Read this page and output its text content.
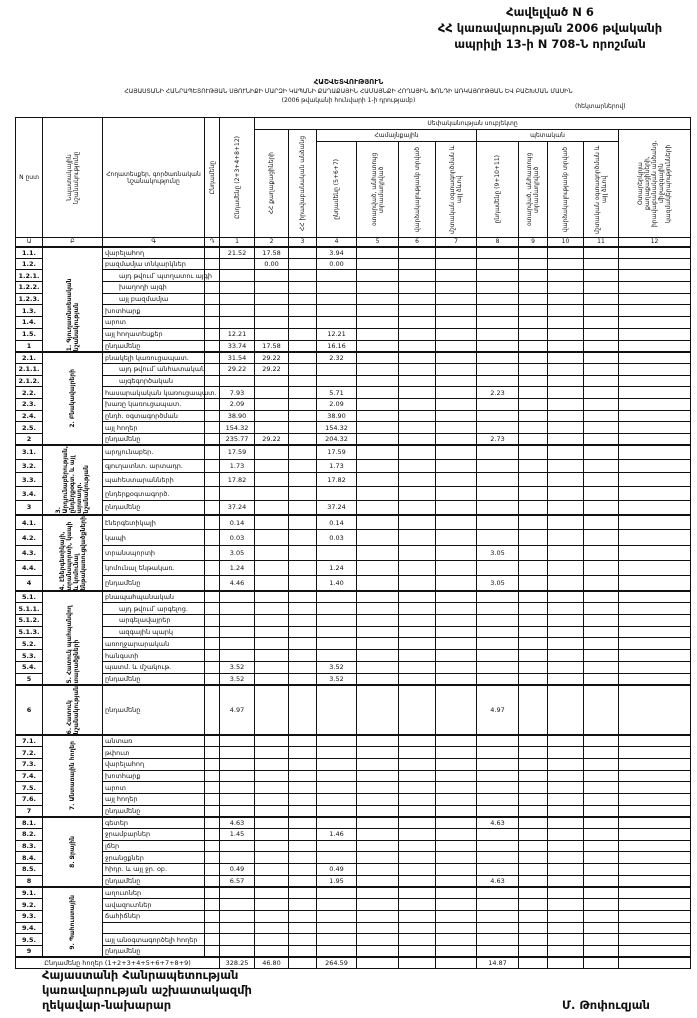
Հավելված N 6
ՀՀ կառավարության 2006 թվականի
ապրիլի 13-ի N 708-Ն որոշման
ՀԱՇՎԵՏՎՈՒԹՅՈՒՆ
ՀԱՅԱՍՏԱՆԻ ՀԱՆՐԱՊԵՏՈՒԹՅԱՆ ՍՅՈՒՆԻՔԻ ՄԱՐԶԻ ԿԱՊԱՆԻ ՔԱՂԱՔԱՅԻՆ ՀԱՄԱՅՆՔԻ ՀՈՂԱՅԻՆ ՖՈՆԴԻ ԱՌԿԱՅՈՒԹՅԱՆ ԵՎ ԲԱՇԽՄԱՆ ՄԱՍԻՆ
(2006 թվականի հունվարի 1-ի դրությամբ)
(հեկտարներով)
N ըստ	Նպատակային նշանակությունը	Հողատեսքեր, գործառնական նշանակությունը	Ընդամենը	Ընդամենը (2+3+4+8+12)	Սեփականության սուբյեկտը										

					ՀՀ քաղաքացիների	ՀՀ իրավաբանական անձանց	Համայնքային				պետական				Օտարերկրյա քաղաքացիների, իրավաբանական անձանց, միջազգային կազմակերպությունների

							ընդամենը (5+6+7)	օտարված, անհատույց տրամադրված	վարձակալությամբ տրված	մշտական օգտագործման և այլ ձևով	ընդամենը (9+10+11)	օտարված, անհատույց տրամադրված	վարձակալությամբ տրված	մշտական օգտագործման և այլ ձևով	

Ա	Բ	Գ	Դ	1	2	3	4	5	6	7	8	9	10	11	12
1.1.	1. Գյուղատնտեսական նշանակության	վարելահող		21.52	17.58		3.94								
1.2.		բազմամյա տնկարկներ			0.00		0.00								
1.2.1.		այդ թվում՝ պտղատու այգի													
1.2.2.		խաղողի այգի													
1.2.3.		այլ բազմամյա													
1.3.		խոտհարք													
1.4.		արոտ													
1.5.		այլ հողատեսքեր		12.21			12.21								
1		ընդամենը		33.74	17.58		16.16								
2.1.	2. Բնակավայրերի	բնակելի կառուցապատ.		31.54	29.22		2.32								
2.1.1.		այդ թվում՝ անհատական		29.22	29.22										
2.1.2.		այգեգործական													
2.2.		հասարակական կառուցապատ.		7.93			5.71				2.23				
2.3.		խառը կառուցապատ.		2.09			2.09								
2.4.		ընդհ. օգտագործման		38.90			38.90								
2.5.		այլ հողեր		154.32			154.32								
2		ընդամենը		235.77	29.22		204.32				2.73				
3.1.	3. Արդյունաբերության, ընդերքօգտ. և այլ արտադր. նշանակության	արդյունաբեր.		17.59			17.59								
3.2.		գյուղատնտ. արտադր.		1.73			1.73								
3.3.		պահեստարանների		17.82			17.82								
3.4.		ընդերքօգտագործ.													
3		ընդամենը		37.24			37.24								
4.1.	4. Էներգետիկայի, տրանսպորտի, կապի և կոմունալ ենթակառուցվածքների	էներգետիկայի		0.14			0.14								
4.2.		կապի		0.03			0.03								
4.3.		տրանսպորտի		3.05							3.05				
4.4.		կոմունալ ենթակառ.		1.24			1.24								
4		ընդամենը		4.46			1.40				3.05				
5.1.	5. Հատուկ պահպանվող տարածքների	բնապահպանական													
5.1.1.		այդ թվում՝ արգելոց.													
5.1.2.		արգելավայրեր													
5.1.3.		ազգային պարկ													
5.2.		առողջարարական													
5.3.		հանգստի													
5.4.		պատմ. և մշակութ.		3.52			3.52								
5		ընդամենը		3.52			3.52								
6	6. Հատուկ նշանակության	ընդամենը		4.97							4.97				
7.1.	7. Անտառային հողեր	անտառ													
7.2.		թփուտ													
7.3.		վարելահող													
7.4.		խոտհարք													
7.5.		արոտ													
7.6.		այլ հողեր													
7		ընդամենը													
8.1.	8. Ջրային	գետեր		4.63							4.63				
8.2.		ջրամբարներ		1.45			1.46								
8.3.		լճեր													
8.4.		ջրանցքներ													
8.5.		հիդր. և այլ ջր. օբ.		0.49			0.49								
8		ընդամենը		6.57			1.95				4.63				
9.1.	9. Պահուստային	աղուտներ													
9.2.		ավազուտներ													
9.3.		ճահիճներ													
9.4.															
9.5.		այլ անօգտագործելի հողեր													
9		ընդամենը													
Ընդամենը հողեր (1+2+3+4+5+6+7+8+9)				328.25	46.80		264.59				14.87				
Հայաստանի Հանրապետության
կառավարության աշխատակազմի
ղեկավար-նախարար	Մ. Թոփուզյան
